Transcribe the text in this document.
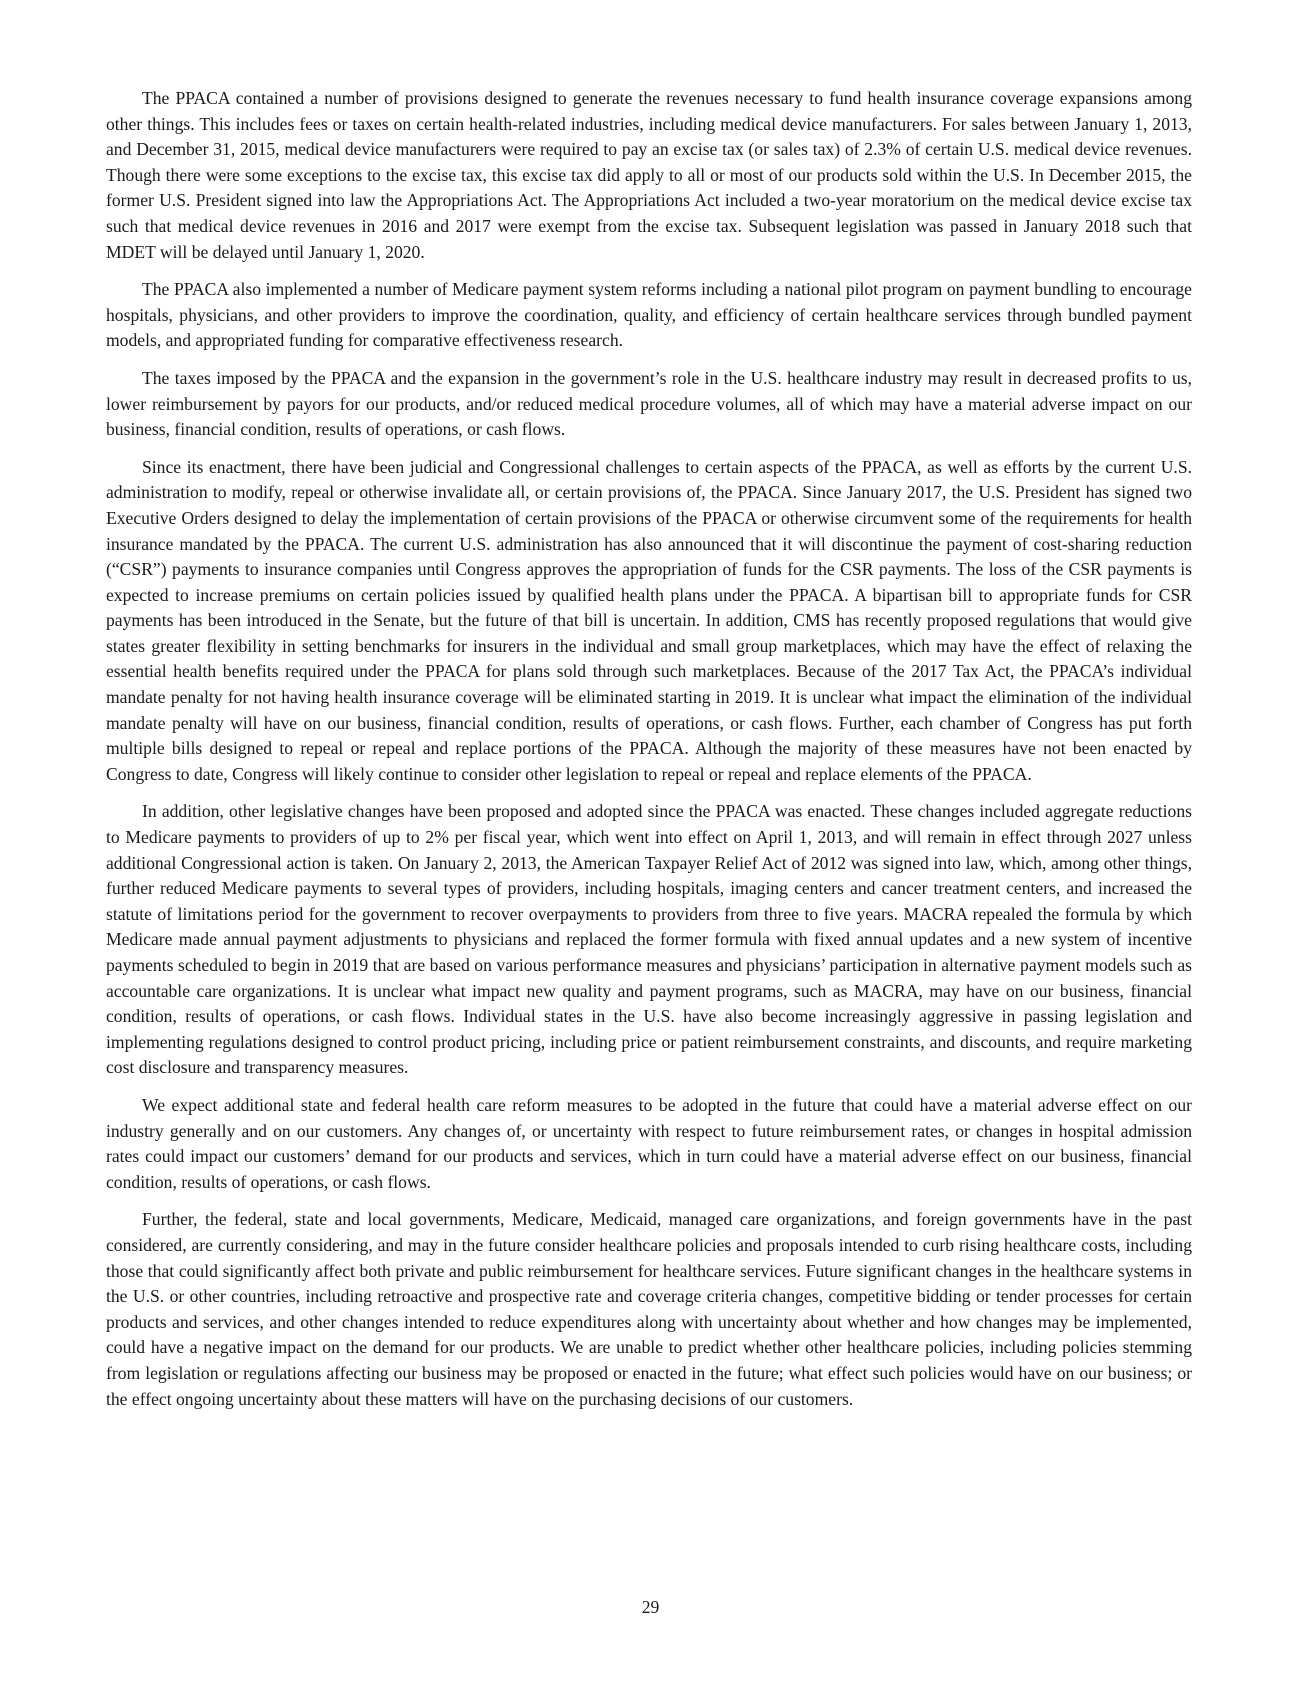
The PPACA contained a number of provisions designed to generate the revenues necessary to fund health insurance coverage expansions among other things. This includes fees or taxes on certain health-related industries, including medical device manufacturers. For sales between January 1, 2013, and December 31, 2015, medical device manufacturers were required to pay an excise tax (or sales tax) of 2.3% of certain U.S. medical device revenues. Though there were some exceptions to the excise tax, this excise tax did apply to all or most of our products sold within the U.S. In December 2015, the former U.S. President signed into law the Appropriations Act. The Appropriations Act included a two-year moratorium on the medical device excise tax such that medical device revenues in 2016 and 2017 were exempt from the excise tax. Subsequent legislation was passed in January 2018 such that MDET will be delayed until January 1, 2020.

The PPACA also implemented a number of Medicare payment system reforms including a national pilot program on payment bundling to encourage hospitals, physicians, and other providers to improve the coordination, quality, and efficiency of certain healthcare services through bundled payment models, and appropriated funding for comparative effectiveness research.

The taxes imposed by the PPACA and the expansion in the government’s role in the U.S. healthcare industry may result in decreased profits to us, lower reimbursement by payors for our products, and/or reduced medical procedure volumes, all of which may have a material adverse impact on our business, financial condition, results of operations, or cash flows.

Since its enactment, there have been judicial and Congressional challenges to certain aspects of the PPACA, as well as efforts by the current U.S. administration to modify, repeal or otherwise invalidate all, or certain provisions of, the PPACA. Since January 2017, the U.S. President has signed two Executive Orders designed to delay the implementation of certain provisions of the PPACA or otherwise circumvent some of the requirements for health insurance mandated by the PPACA. The current U.S. administration has also announced that it will discontinue the payment of cost-sharing reduction (“CSR”) payments to insurance companies until Congress approves the appropriation of funds for the CSR payments. The loss of the CSR payments is expected to increase premiums on certain policies issued by qualified health plans under the PPACA. A bipartisan bill to appropriate funds for CSR payments has been introduced in the Senate, but the future of that bill is uncertain. In addition, CMS has recently proposed regulations that would give states greater flexibility in setting benchmarks for insurers in the individual and small group marketplaces, which may have the effect of relaxing the essential health benefits required under the PPACA for plans sold through such marketplaces. Because of the 2017 Tax Act, the PPACA’s individual mandate penalty for not having health insurance coverage will be eliminated starting in 2019. It is unclear what impact the elimination of the individual mandate penalty will have on our business, financial condition, results of operations, or cash flows. Further, each chamber of Congress has put forth multiple bills designed to repeal or repeal and replace portions of the PPACA. Although the majority of these measures have not been enacted by Congress to date, Congress will likely continue to consider other legislation to repeal or repeal and replace elements of the PPACA.

In addition, other legislative changes have been proposed and adopted since the PPACA was enacted. These changes included aggregate reductions to Medicare payments to providers of up to 2% per fiscal year, which went into effect on April 1, 2013, and will remain in effect through 2027 unless additional Congressional action is taken. On January 2, 2013, the American Taxpayer Relief Act of 2012 was signed into law, which, among other things, further reduced Medicare payments to several types of providers, including hospitals, imaging centers and cancer treatment centers, and increased the statute of limitations period for the government to recover overpayments to providers from three to five years. MACRA repealed the formula by which Medicare made annual payment adjustments to physicians and replaced the former formula with fixed annual updates and a new system of incentive payments scheduled to begin in 2019 that are based on various performance measures and physicians’ participation in alternative payment models such as accountable care organizations. It is unclear what impact new quality and payment programs, such as MACRA, may have on our business, financial condition, results of operations, or cash flows. Individual states in the U.S. have also become increasingly aggressive in passing legislation and implementing regulations designed to control product pricing, including price or patient reimbursement constraints, and discounts, and require marketing cost disclosure and transparency measures.

We expect additional state and federal health care reform measures to be adopted in the future that could have a material adverse effect on our industry generally and on our customers. Any changes of, or uncertainty with respect to future reimbursement rates, or changes in hospital admission rates could impact our customers’ demand for our products and services, which in turn could have a material adverse effect on our business, financial condition, results of operations, or cash flows.

Further, the federal, state and local governments, Medicare, Medicaid, managed care organizations, and foreign governments have in the past considered, are currently considering, and may in the future consider healthcare policies and proposals intended to curb rising healthcare costs, including those that could significantly affect both private and public reimbursement for healthcare services. Future significant changes in the healthcare systems in the U.S. or other countries, including retroactive and prospective rate and coverage criteria changes, competitive bidding or tender processes for certain products and services, and other changes intended to reduce expenditures along with uncertainty about whether and how changes may be implemented, could have a negative impact on the demand for our products. We are unable to predict whether other healthcare policies, including policies stemming from legislation or regulations affecting our business may be proposed or enacted in the future; what effect such policies would have on our business; or the effect ongoing uncertainty about these matters will have on the purchasing decisions of our customers.

29
